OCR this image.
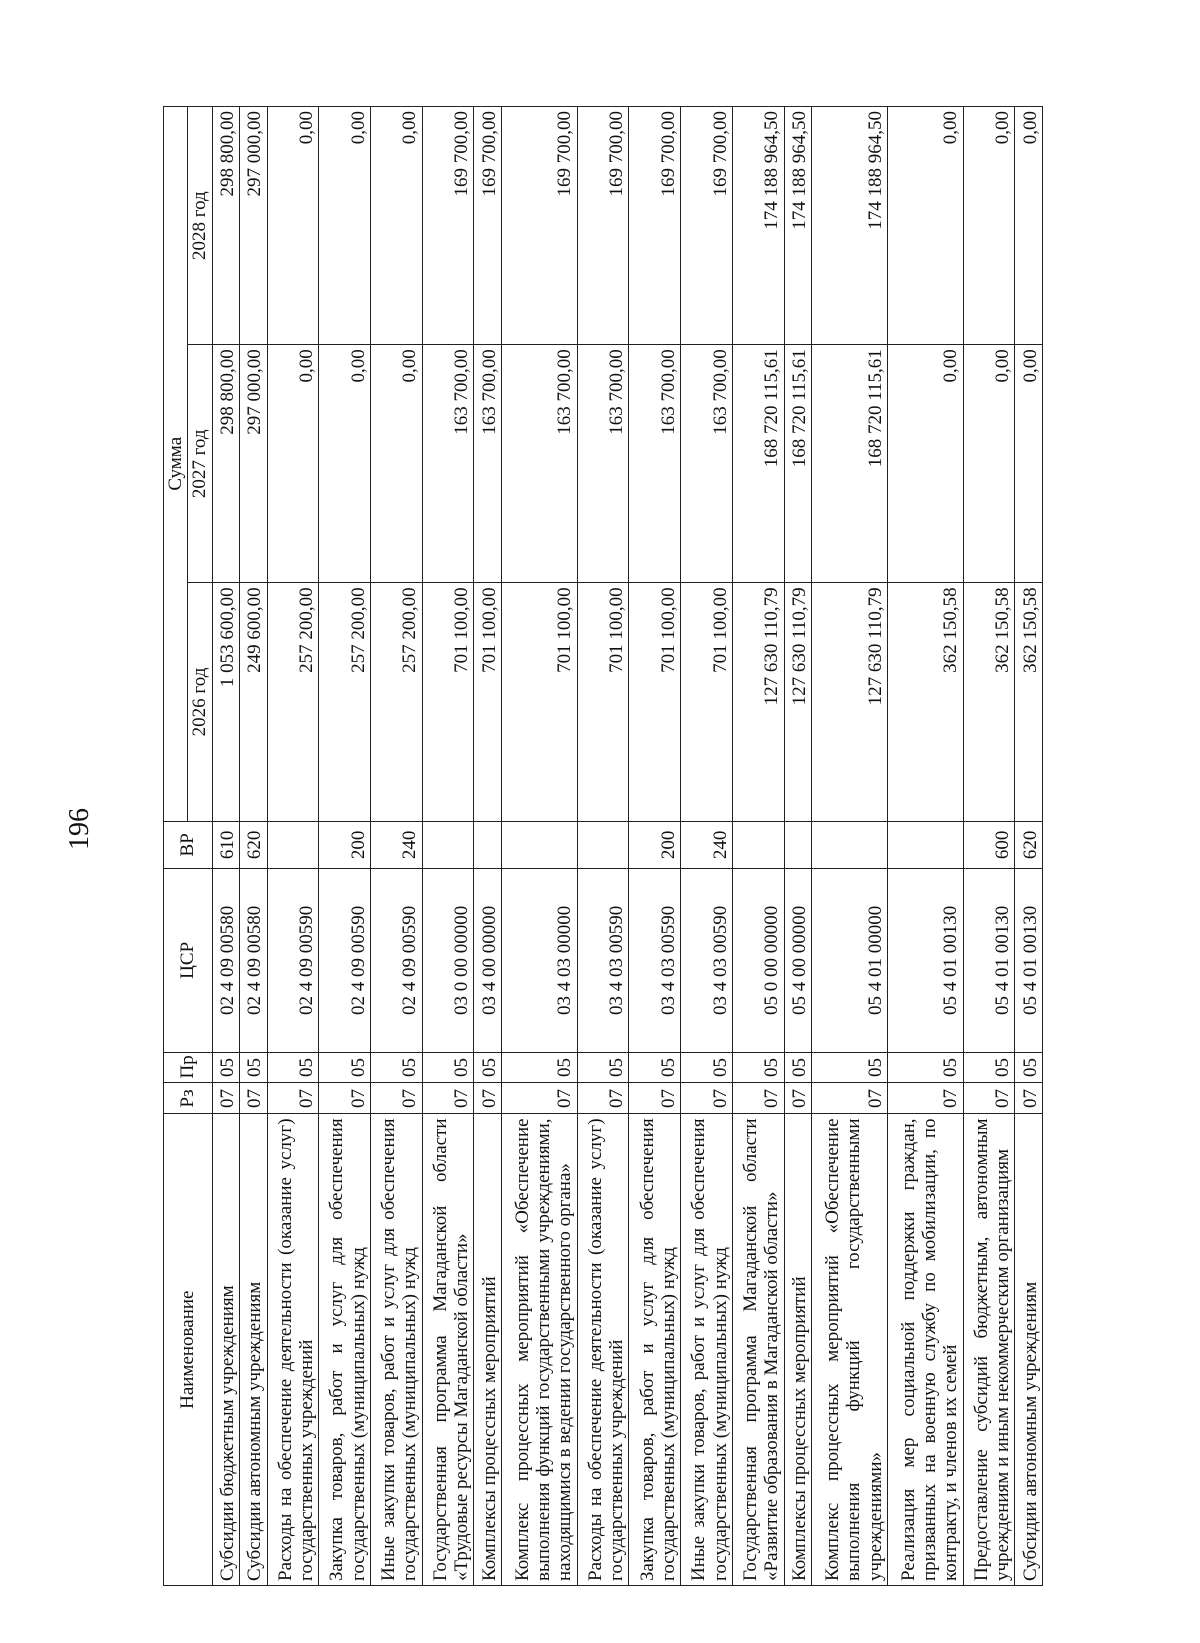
196
Наименование	Рз	Пр	ЦСР	ВР	Сумма		
					2026 год	2027 год	2028 год
Субсидии бюджетным учреждениям	07	05	02 4 09 00580	610	1 053 600,00	298 800,00	298 800,00
Субсидии автономным учреждениям	07	05	02 4 09 00580	620	249 600,00	297 000,00	297 000,00
Расходы на обеспечение деятельности (оказание услуг) государственных учреждений	07	05	02 4 09 00590		257 200,00	0,00	0,00
Закупка товаров, работ и услуг для обеспечения государственных (муниципальных) нужд	07	05	02 4 09 00590	200	257 200,00	0,00	0,00
Иные закупки товаров, работ и услуг для обеспечения государственных (муниципальных) нужд	07	05	02 4 09 00590	240	257 200,00	0,00	0,00
Государственная программа Магаданской области «Трудовые ресурсы Магаданской области»	07	05	03 0 00 00000		701 100,00	163 700,00	169 700,00
Комплексы процессных мероприятий	07	05	03 4 00 00000		701 100,00	163 700,00	169 700,00
Комплекс процессных мероприятий «Обеспечение выполнения функций государственными учреждениями, находящимися в ведении государственного органа»	07	05	03 4 03 00000		701 100,00	163 700,00	169 700,00
Расходы на обеспечение деятельности (оказание услуг) государственных учреждений	07	05	03 4 03 00590		701 100,00	163 700,00	169 700,00
Закупка товаров, работ и услуг для обеспечения государственных (муниципальных) нужд	07	05	03 4 03 00590	200	701 100,00	163 700,00	169 700,00
Иные закупки товаров, работ и услуг для обеспечения государственных (муниципальных) нужд	07	05	03 4 03 00590	240	701 100,00	163 700,00	169 700,00
Государственная программа Магаданской области «Развитие образования в Магаданской области»	07	05	05 0 00 00000		127 630 110,79	168 720 115,61	174 188 964,50
Комплексы процессных мероприятий	07	05	05 4 00 00000		127 630 110,79	168 720 115,61	174 188 964,50
Комплекс процессных мероприятий «Обеспечение выполнения функций государственными учреждениями»	07	05	05 4 01 00000		127 630 110,79	168 720 115,61	174 188 964,50
Реализация мер социальной поддержки граждан, призванных на военную службу по мобилизации, по контракту, и членов их семей	07	05	05 4 01 00130		362 150,58	0,00	0,00
Предоставление субсидий бюджетным, автономным учреждениям и иным некоммерческим организациям	07	05	05 4 01 00130	600	362 150,58	0,00	0,00
Субсидии автономным учреждениям	07	05	05 4 01 00130	620	362 150,58	0,00	0,00
